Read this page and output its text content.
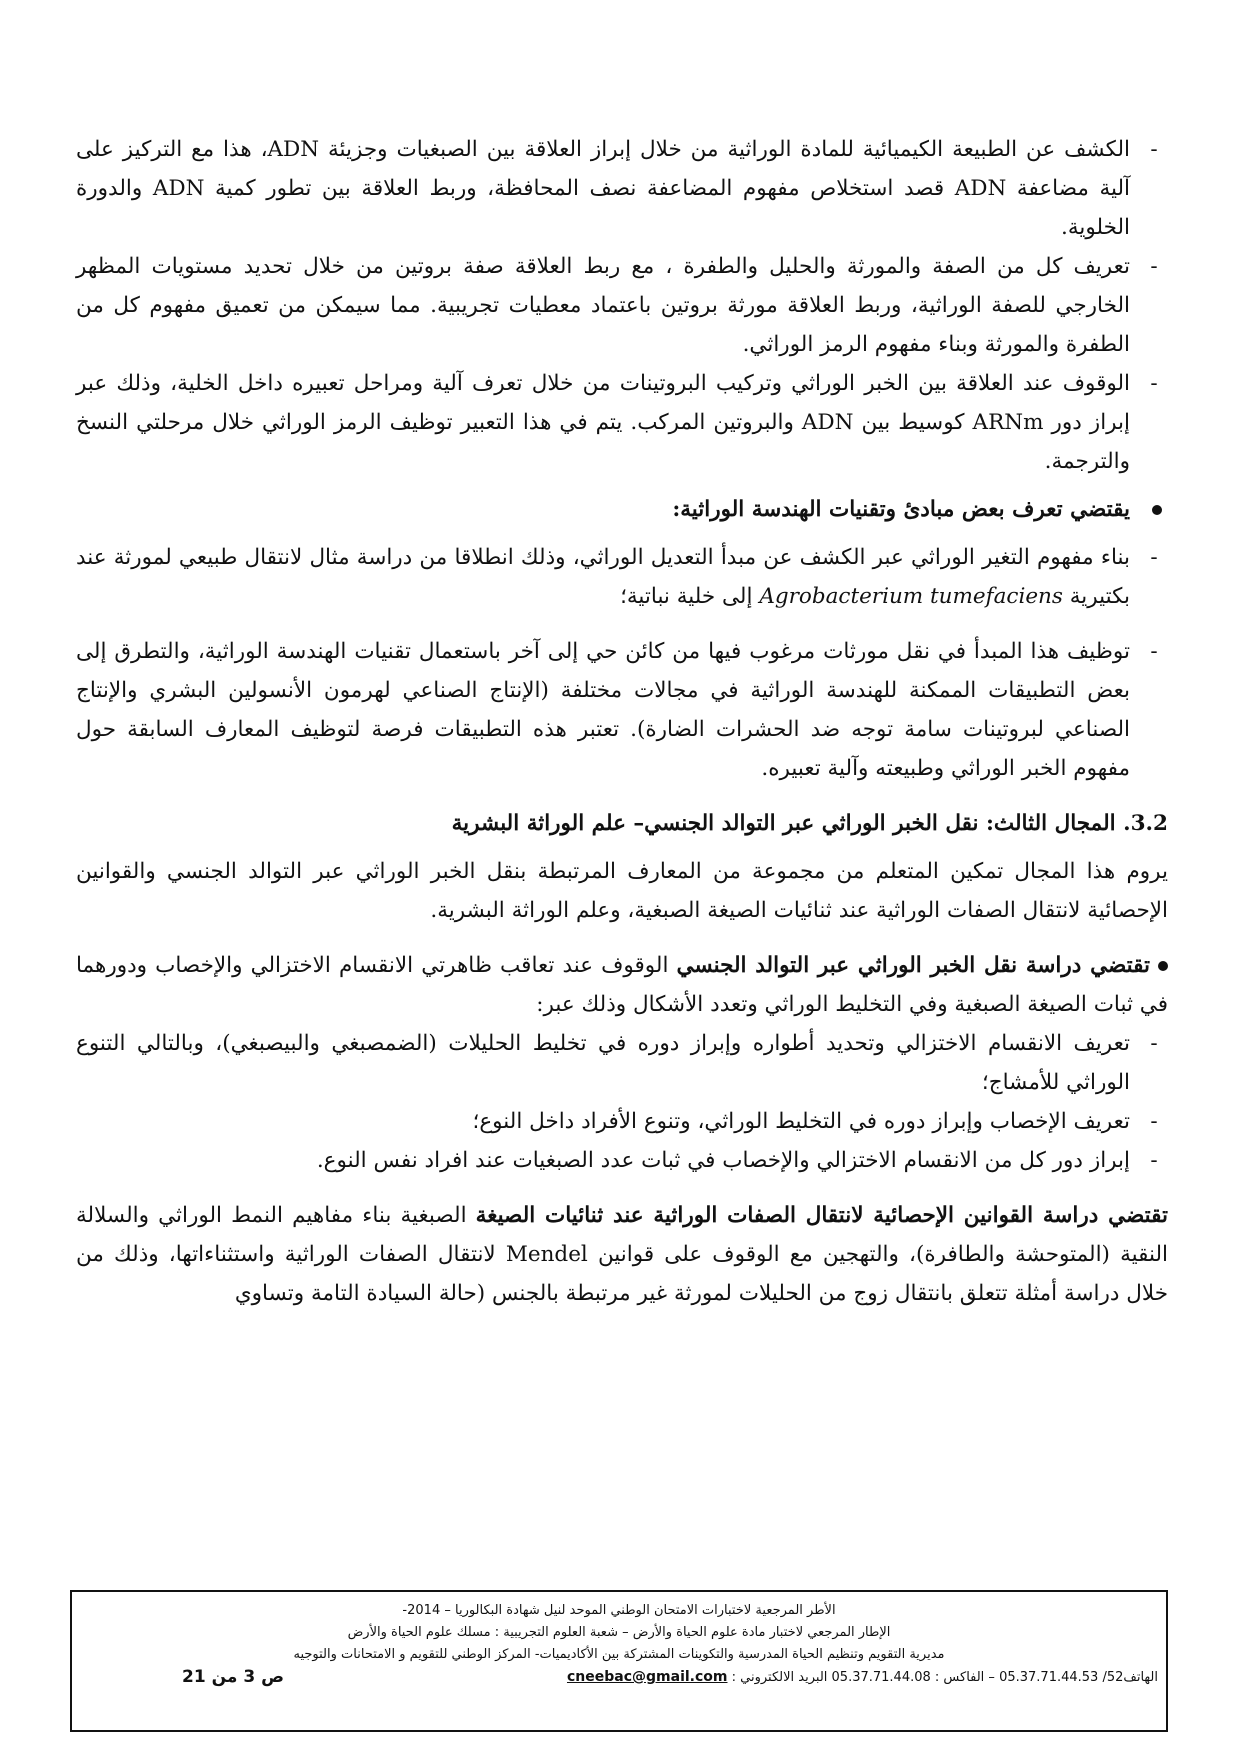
-
الكشف عن الطبيعة الكيميائية للمادة الوراثية من خلال إبراز العلاقة بين الصبغيات وجزيئة ADN، هذا مع التركيز على آلية مضاعفة ADN قصد استخلاص مفهوم المضاعفة نصف المحافظة، وربط العلاقة بين تطور كمية ADN والدورة الخلوية.
-
تعريف كل من الصفة والمورثة والحليل والطفرة ، مع ربط العلاقة صفة بروتين من خلال تحديد مستويات المظهر الخارجي للصفة الوراثية، وربط العلاقة مورثة بروتين باعتماد معطيات تجريبية. مما سيمكن من تعميق مفهوم كل من الطفرة والمورثة وبناء مفهوم الرمز الوراثي.
-
الوقوف عند العلاقة بين الخبر الوراثي وتركيب البروتينات من خلال تعرف آلية ومراحل تعبيره داخل الخلية، وذلك عبر إبراز دور ARNm كوسيط بين ADN والبروتين المركب. يتم في هذا التعبير توظيف الرمز الوراثي خلال مرحلتي النسخ والترجمة.
يقتضي تعرف بعض مبادئ وتقنيات الهندسة الوراثية:
-
بناء مفهوم التغير الوراثي عبر الكشف عن مبدأ التعديل الوراثي، وذلك انطلاقا من دراسة مثال لانتقال طبيعي لمورثة عند بكتيرية Agrobacterium tumefaciens إلى خلية نباتية؛
-
توظيف هذا المبدأ في نقل مورثات مرغوب فيها من كائن حي إلى آخر باستعمال تقنيات الهندسة الوراثية، والتطرق إلى بعض التطبيقات الممكنة للهندسة الوراثية في مجالات مختلفة (الإنتاج الصناعي لهرمون الأنسولين البشري والإنتاج الصناعي لبروتينات سامة توجه ضد الحشرات الضارة). تعتبر هذه التطبيقات فرصة لتوظيف المعارف السابقة حول مفهوم الخبر الوراثي وطبيعته وآلية تعبيره.
3.2. المجال الثالث: نقل الخبر الوراثي عبر التوالد الجنسي– علم الوراثة البشرية
يروم هذا المجال تمكين المتعلم من مجموعة من المعارف المرتبطة بنقل الخبر الوراثي عبر التوالد الجنسي والقوانين الإحصائية لانتقال الصفات الوراثية عند ثنائيات الصيغة الصبغية، وعلم الوراثة البشرية.
تقتضي دراسة نقل الخبر الوراثي عبر التوالد الجنسي الوقوف عند تعاقب ظاهرتي الانقسام الاختزالي والإخصاب ودورهما في ثبات الصيغة الصبغية وفي التخليط الوراثي وتعدد الأشكال وذلك عبر:
-
تعريف الانقسام الاختزالي وتحديد أطواره وإبراز دوره في تخليط الحليلات (الضمصبغي والبيصبغي)، وبالتالي التنوع الوراثي للأمشاج؛
-
تعريف الإخصاب وإبراز دوره في التخليط الوراثي، وتنوع الأفراد داخل النوع؛
-
إبراز دور كل من الانقسام الاختزالي والإخصاب في ثبات عدد الصبغيات عند افراد نفس النوع.
تقتضي دراسة القوانين الإحصائية لانتقال الصفات الوراثية عند ثنائيات الصيغة الصبغية بناء مفاهيم النمط الوراثي والسلالة النقية (المتوحشة والطافرة)، والتهجين مع الوقوف على قوانين Mendel لانتقال الصفات الوراثية واستثناءاتها، وذلك من خلال دراسة أمثلة تتعلق بانتقال زوج من الحليلات لمورثة غير مرتبطة بالجنس (حالة السيادة التامة وتساوي
الأطر المرجعية لاختبارات الامتحان الوطني الموحد لنيل شهادة البكالوريا – 2014-
الإطار المرجعي لاختبار مادة علوم الحياة والأرض – شعبة العلوم التجريبية : مسلك علوم الحياة والأرض
مديرية التقويم وتنظيم الحياة المدرسية والتكوينات المشتركة بين الأكاديميات- المركز الوطني للتقويم و الامتحانات والتوجيه
الهاتف52/ 05.37.71.44.53 – الفاكس : 05.37.71.44.08 البريد الالكتروني : cneebac@gmail.com
ص 3 من 21
